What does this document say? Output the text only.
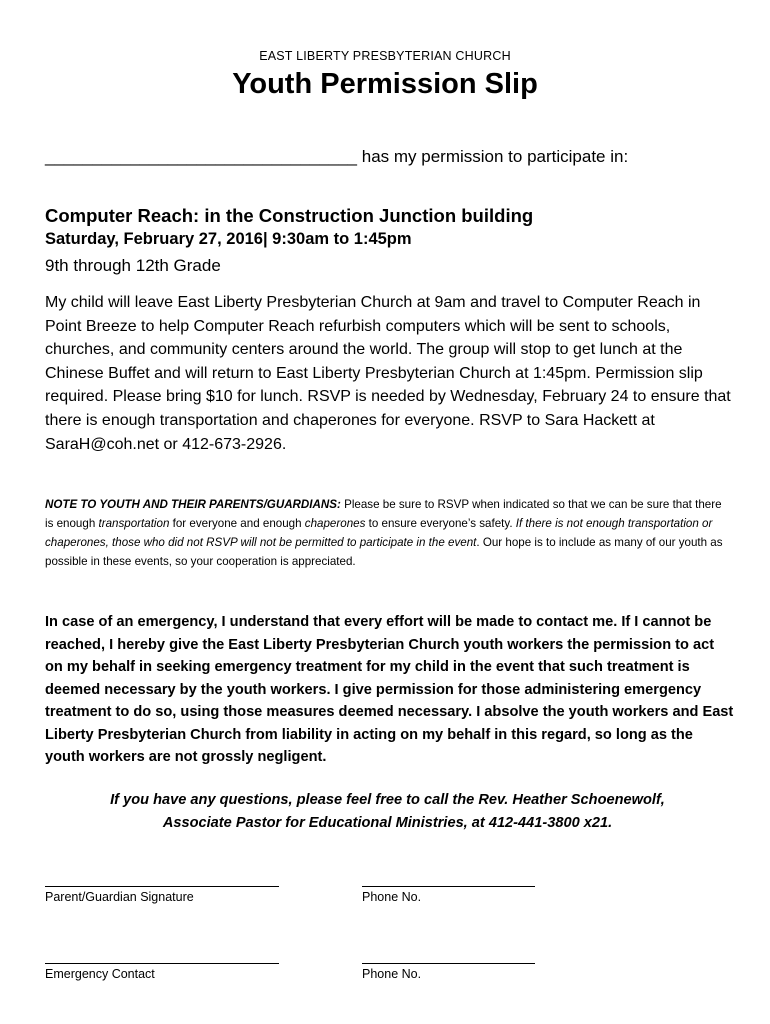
EAST LIBERTY PRESBYTERIAN CHURCH
Youth Permission Slip
_________________________________ has my permission to participate in:
Computer Reach: in the Construction Junction building
Saturday, February 27, 2016| 9:30am to 1:45pm
9th through 12th Grade
My child will leave East Liberty Presbyterian Church at 9am and travel to Computer Reach in Point Breeze to help Computer Reach refurbish computers which will be sent to schools, churches, and community centers around the world. The group will stop to get lunch at the Chinese Buffet and will return to East Liberty Presbyterian Church at 1:45pm. Permission slip required. Please bring $10 for lunch. RSVP is needed by Wednesday, February 24 to ensure that there is enough transportation and chaperones for everyone. RSVP to Sara Hackett at SaraH@coh.net or 412-673-2926.
NOTE TO YOUTH AND THEIR PARENTS/GUARDIANS: Please be sure to RSVP when indicated so that we can be sure that there is enough transportation for everyone and enough chaperones to ensure everyone’s safety. If there is not enough transportation or chaperones, those who did not RSVP will not be permitted to participate in the event. Our hope is to include as many of our youth as possible in these events, so your cooperation is appreciated.
In case of an emergency, I understand that every effort will be made to contact me. If I cannot be reached, I hereby give the East Liberty Presbyterian Church youth workers the permission to act on my behalf in seeking emergency treatment for my child in the event that such treatment is deemed necessary by the youth workers. I give permission for those administering emergency treatment to do so, using those measures deemed necessary. I absolve the youth workers and East Liberty Presbyterian Church from liability in acting on my behalf in this regard, so long as the youth workers are not grossly negligent.
If you have any questions, please feel free to call the Rev. Heather Schoenewolf,
Associate Pastor for Educational Ministries, at 412-441-3800 x21.
Parent/Guardian Signature	Phone No.
Emergency Contact	Phone No.
